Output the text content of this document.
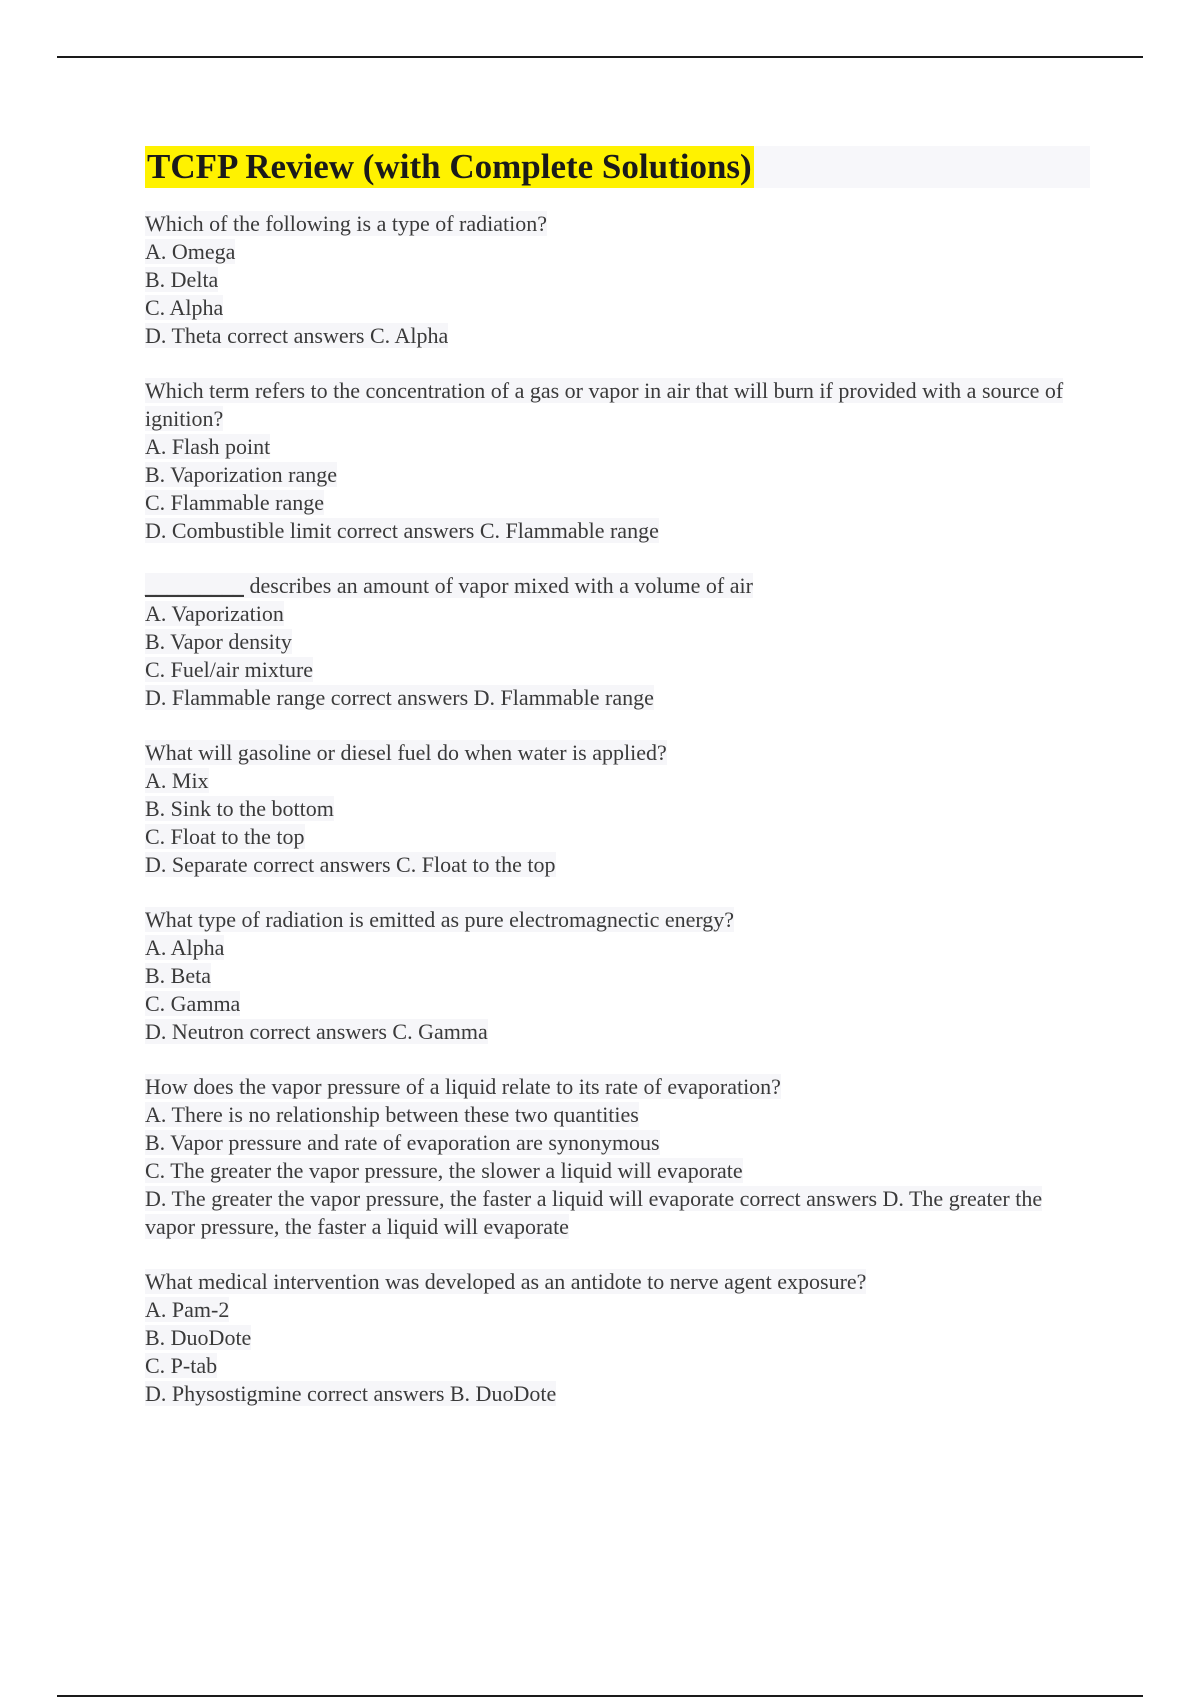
TCFP Review (with Complete Solutions)
Which of the following is a type of radiation?
A. Omega
B. Delta
C. Alpha
D. Theta correct answers C. Alpha
Which term refers to the concentration of a gas or vapor in air that will burn if provided with a source of ignition?
A. Flash point
B. Vaporization range
C. Flammable range
D. Combustible limit correct answers C. Flammable range
_________ describes an amount of vapor mixed with a volume of air
A. Vaporization
B. Vapor density
C. Fuel/air mixture
D. Flammable range correct answers D. Flammable range
What will gasoline or diesel fuel do when water is applied?
A. Mix
B. Sink to the bottom
C. Float to the top
D. Separate correct answers C. Float to the top
What type of radiation is emitted as pure electromagnectic energy?
A. Alpha
B. Beta
C. Gamma
D. Neutron correct answers C. Gamma
How does the vapor pressure of a liquid relate to its rate of evaporation?
A. There is no relationship between these two quantities
B. Vapor pressure and rate of evaporation are synonymous
C. The greater the vapor pressure, the slower a liquid will evaporate
D. The greater the vapor pressure, the faster a liquid will evaporate correct answers D. The greater the vapor pressure, the faster a liquid will evaporate
What medical intervention was developed as an antidote to nerve agent exposure?
A. Pam-2
B. DuoDote
C. P-tab
D. Physostigmine correct answers B. DuoDote
